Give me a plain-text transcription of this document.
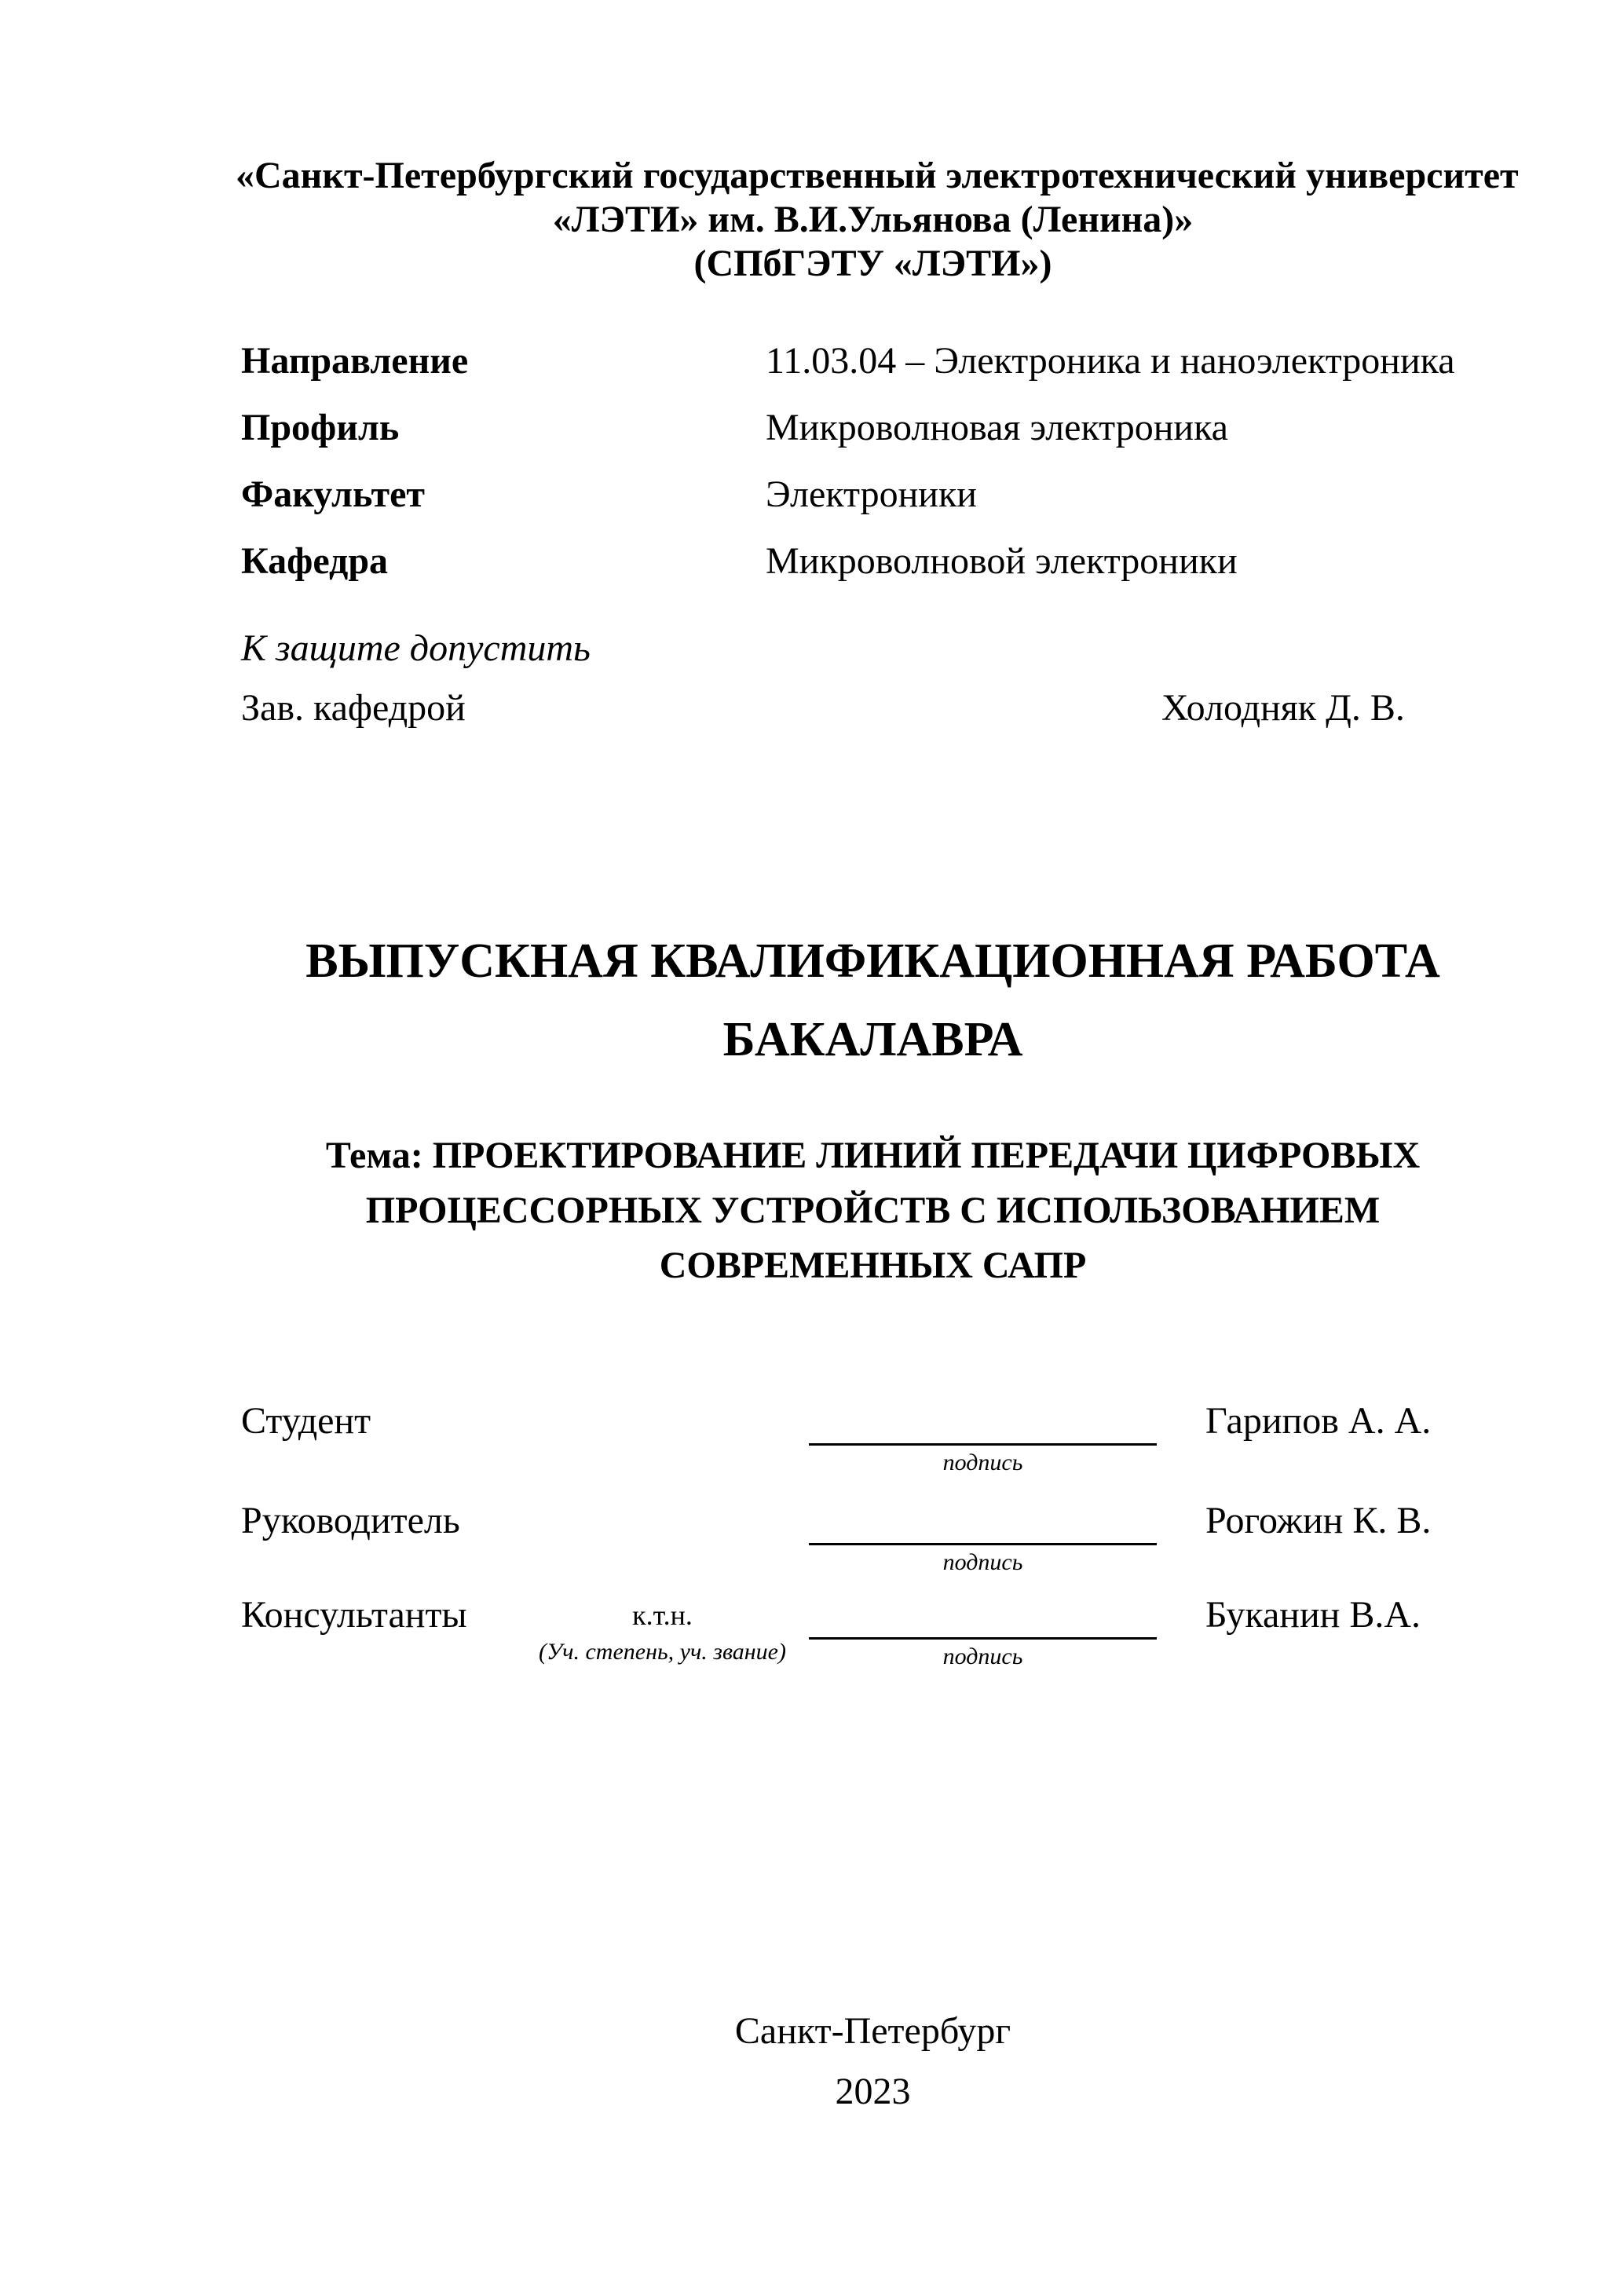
«Санкт-Петербургский государственный электротехнический университет
«ЛЭТИ» им. В.И.Ульянова (Ленина)»
(СПбГЭТУ «ЛЭТИ»)
Направление	11.03.04 – Электроника и наноэлектроника
Профиль	Микроволновая электроника
Факультет	Электроники
Кафедра	Микроволновой электроники
К защите допустить
Зав. кафедрой	Холодняк Д. В.
ВЫПУСКНАЯ КВАЛИФИКАЦИОННАЯ РАБОТА
БАКАЛАВРА
Тема: ПРОЕКТИРОВАНИЕ ЛИНИЙ ПЕРЕДАЧИ ЦИФРОВЫХ
ПРОЦЕССОРНЫХ УСТРОЙСТВ С ИСПОЛЬЗОВАНИЕМ
СОВРЕМЕННЫХ САПР
Студент
подпись
Гарипов А. А.
Руководитель
подпись
Рогожин К. В.
Консультанты	к.т.н.
(Уч. степень, уч. звание)	подпись
Буканин В.А.
Санкт-Петербург
2023
